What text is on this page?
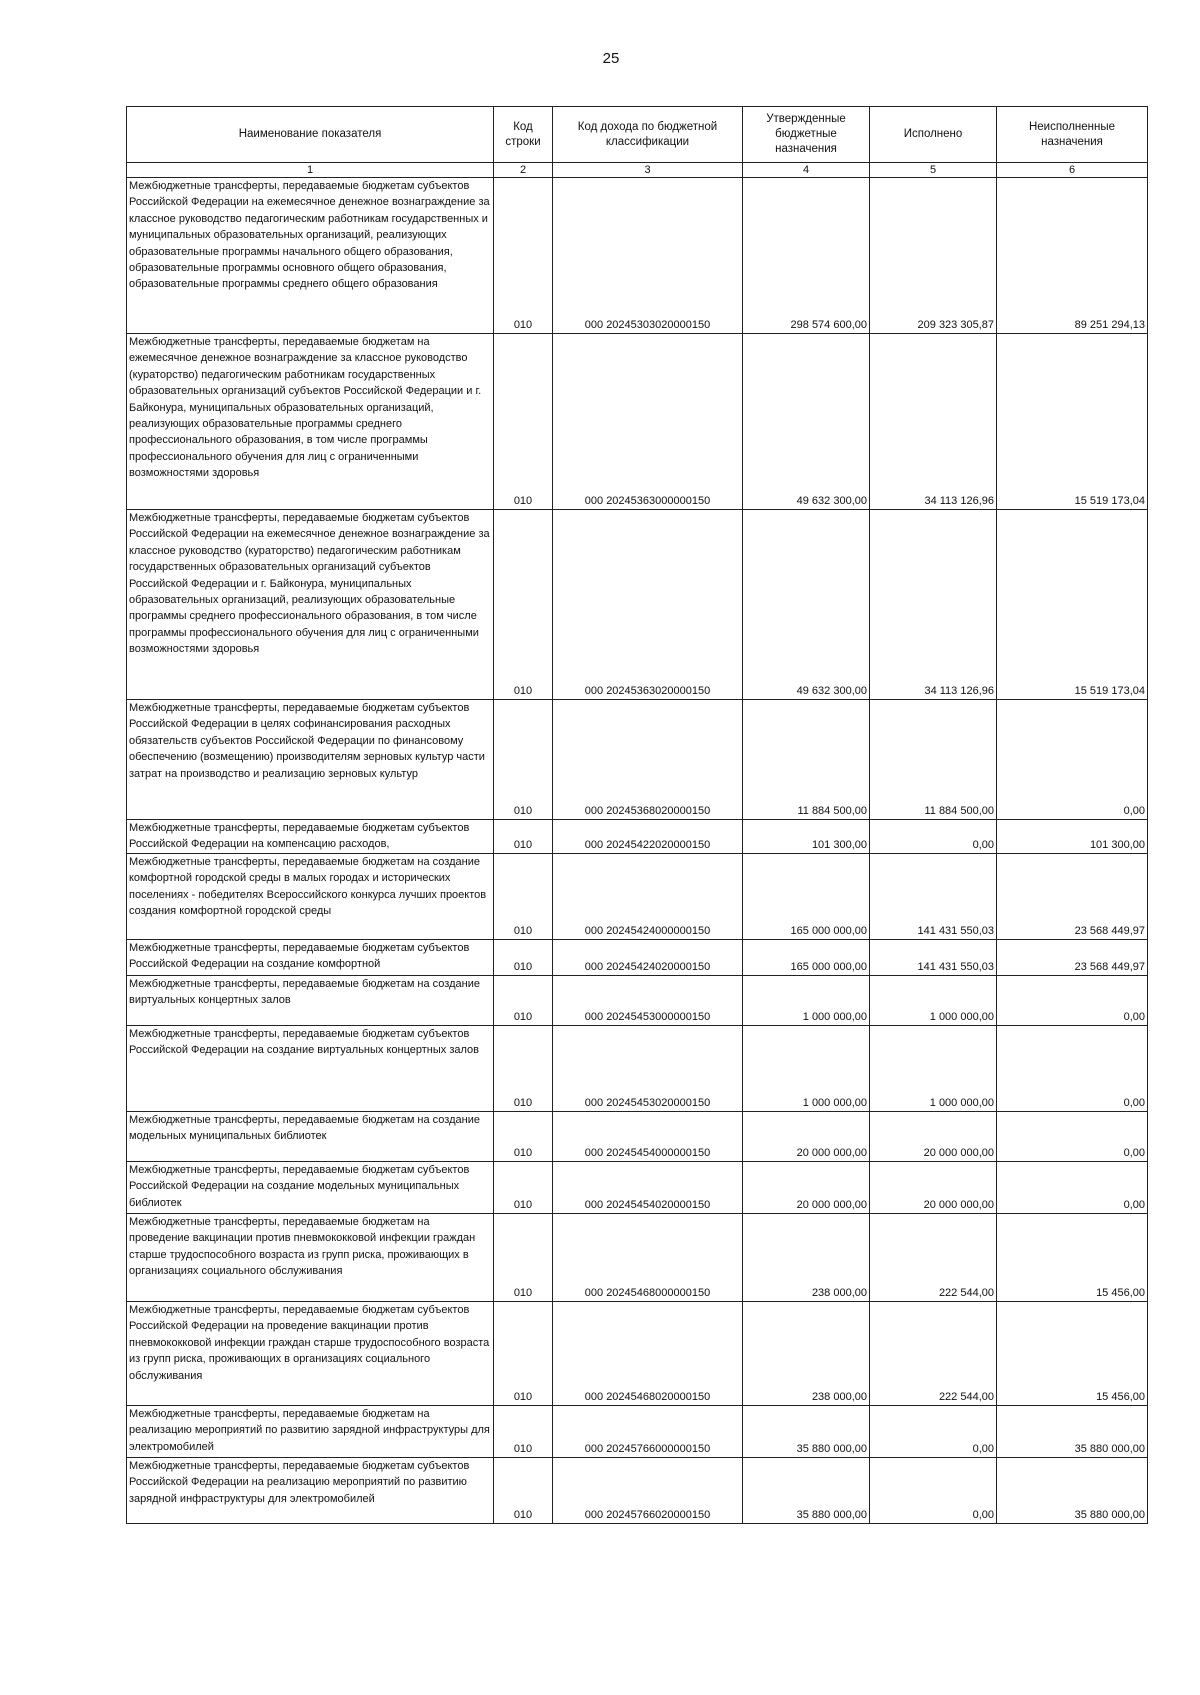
25
Наименование показателя	Код строки	Код дохода по бюджетной классификации	Утвержденные бюджетные назначения	Исполнено	Неисполненные назначения
1	2	3	4	5	6
Межбюджетные трансферты, передаваемые бюджетам субъектов Российской Федерации на ежемесячное денежное вознаграждение за классное руководство педагогическим работникам государственных и муниципальных образовательных организаций, реализующих образовательные программы начального общего образования, образовательные программы основного общего образования, образовательные программы среднего общего образования	010	000 20245303020000150	298 574 600,00	209 323 305,87	89 251 294,13
Межбюджетные трансферты, передаваемые бюджетам на ежемесячное денежное вознаграждение за классное руководство (кураторство) педагогическим работникам государственных образовательных организаций субъектов Российской Федерации и г. Байконура, муниципальных образовательных организаций, реализующих образовательные программы среднего профессионального образования, в том числе программы профессионального обучения для лиц с ограниченными возможностями здоровья	010	000 20245363000000150	49 632 300,00	34 113 126,96	15 519 173,04
Межбюджетные трансферты, передаваемые бюджетам субъектов Российской Федерации на ежемесячное денежное вознаграждение за классное руководство (кураторство) педагогическим работникам государственных образовательных организаций субъектов Российской Федерации и г. Байконура, муниципальных образовательных организаций, реализующих образовательные программы среднего профессионального образования, в том числе программы профессионального обучения для лиц с ограниченными возможностями здоровья	010	000 20245363020000150	49 632 300,00	34 113 126,96	15 519 173,04
Межбюджетные трансферты, передаваемые бюджетам субъектов Российской Федерации в целях софинансирования расходных обязательств субъектов Российской Федерации по финансовому обеспечению (возмещению) производителям зерновых культур части затрат на производство и реализацию зерновых культур	010	000 20245368020000150	11 884 500,00	11 884 500,00	0,00
Межбюджетные трансферты, передаваемые бюджетам субъектов Российской Федерации на компенсацию расходов,	010	000 20245422020000150	101 300,00	0,00	101 300,00
Межбюджетные трансферты, передаваемые бюджетам на создание комфортной городской среды в малых городах и исторических поселениях - победителях Всероссийского конкурса лучших проектов создания комфортной городской среды	010	000 20245424000000150	165 000 000,00	141 431 550,03	23 568 449,97
Межбюджетные трансферты, передаваемые бюджетам субъектов Российской Федерации на создание комфортной	010	000 20245424020000150	165 000 000,00	141 431 550,03	23 568 449,97
Межбюджетные трансферты, передаваемые бюджетам на создание виртуальных концертных залов	010	000 20245453000000150	1 000 000,00	1 000 000,00	0,00
Межбюджетные трансферты, передаваемые бюджетам субъектов Российской Федерации на создание виртуальных концертных залов	010	000 20245453020000150	1 000 000,00	1 000 000,00	0,00
Межбюджетные трансферты, передаваемые бюджетам на создание модельных муниципальных библиотек	010	000 20245454000000150	20 000 000,00	20 000 000,00	0,00
Межбюджетные трансферты, передаваемые бюджетам субъектов Российской Федерации на создание модельных муниципальных библиотек	010	000 20245454020000150	20 000 000,00	20 000 000,00	0,00
Межбюджетные трансферты, передаваемые бюджетам на проведение вакцинации против пневмококковой инфекции граждан старше трудоспособного возраста из групп риска, проживающих в организациях социального обслуживания	010	000 20245468000000150	238 000,00	222 544,00	15 456,00
Межбюджетные трансферты, передаваемые бюджетам субъектов Российской Федерации на проведение вакцинации против пневмококковой инфекции граждан старше трудоспособного возраста из групп риска, проживающих в организациях социального обслуживания	010	000 20245468020000150	238 000,00	222 544,00	15 456,00
Межбюджетные трансферты, передаваемые бюджетам на реализацию мероприятий по развитию зарядной инфраструктуры для электромобилей	010	000 20245766000000150	35 880 000,00	0,00	35 880 000,00
Межбюджетные трансферты, передаваемые бюджетам субъектов Российской Федерации на реализацию мероприятий по развитию зарядной инфраструктуры для электромобилей	010	000 20245766020000150	35 880 000,00	0,00	35 880 000,00
